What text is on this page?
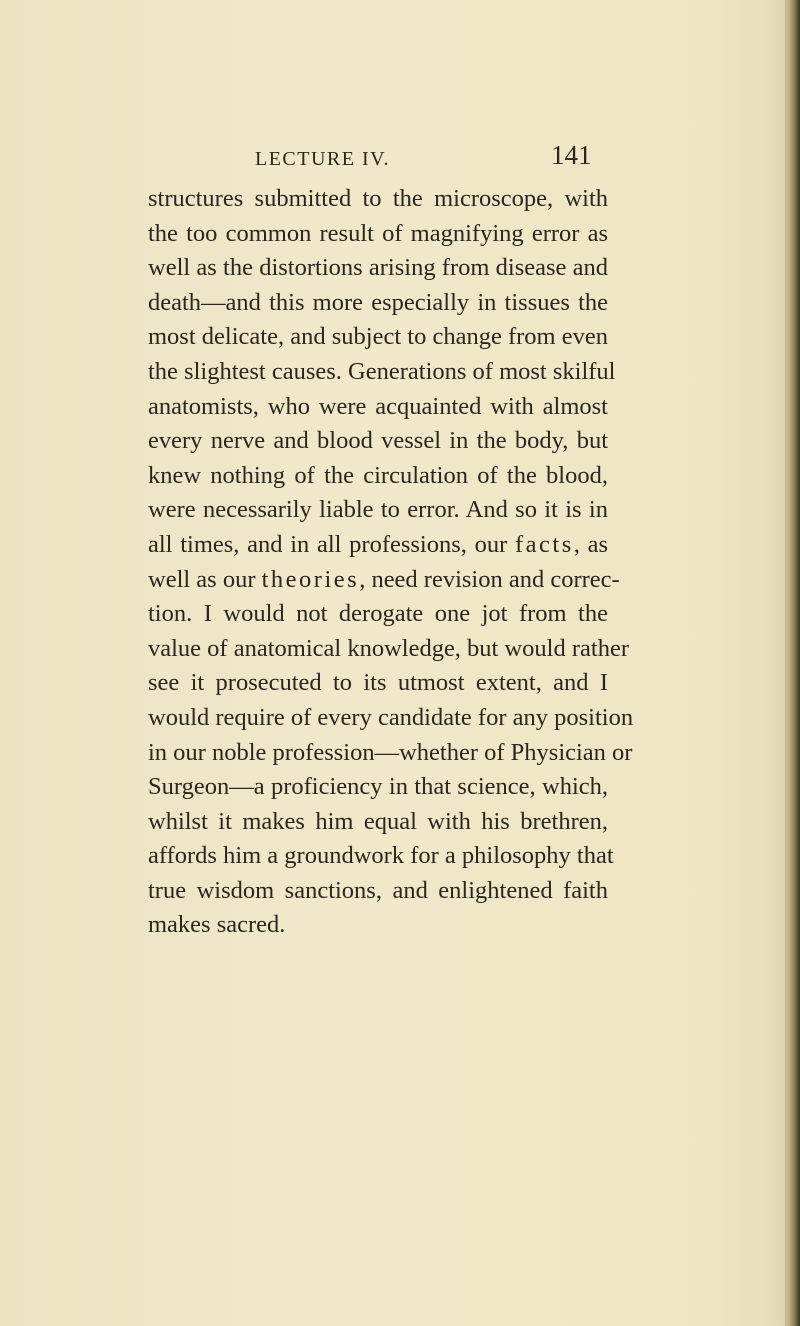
LECTURE IV.	141
structures submitted to the microscope, with
the too common result of magnifying error as
well as the distortions arising from disease and
death—and this more especially in tissues the
most delicate, and subject to change from even
the slightest causes. Generations of most skilful
anatomists, who were acquainted with almost
every nerve and blood vessel in the body, but
knew nothing of the circulation of the blood,
were necessarily liable to error. And so it is in
all times, and in all professions, our facts, as
well as our theories, need revision and correc-
tion. I would not derogate one jot from the
value of anatomical knowledge, but would rather
see it prosecuted to its utmost extent, and I
would require of every candidate for any position
in our noble profession—whether of Physician or
Surgeon—a proficiency in that science, which,
whilst it makes him equal with his brethren,
affords him a groundwork for a philosophy that
true wisdom sanctions, and enlightened faith
makes sacred.
